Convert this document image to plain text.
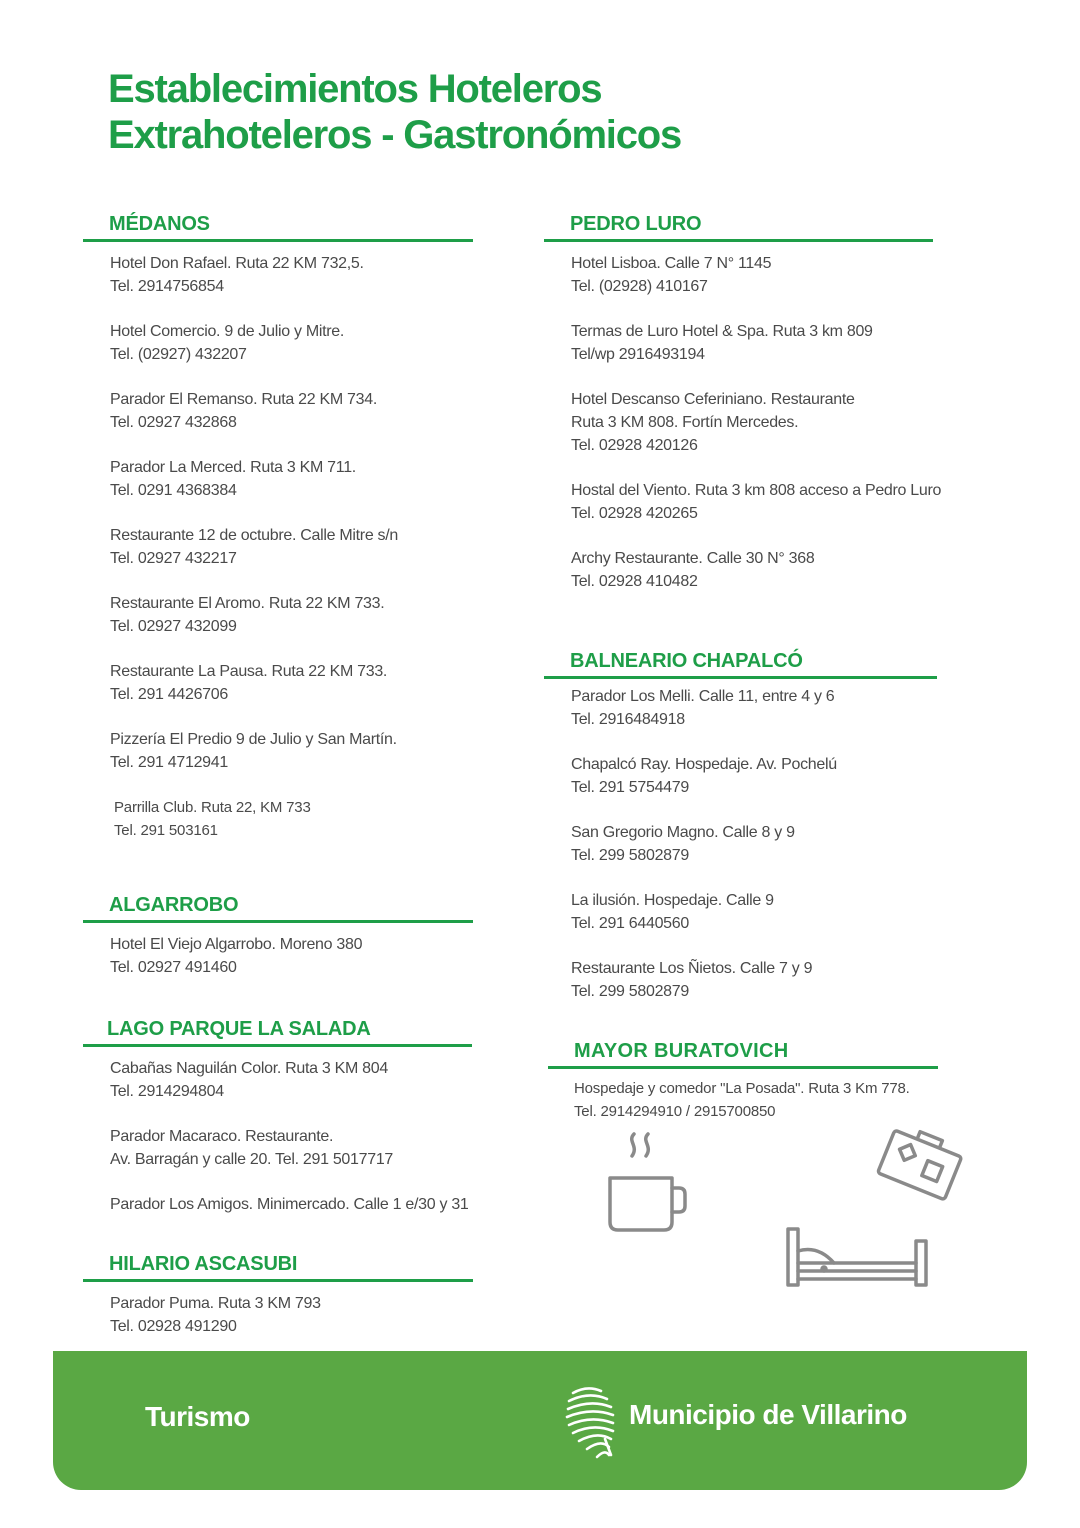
Establecimientos Hoteleros
Extrahoteleros - Gastronómicos
MÉDANOS
Hotel Don Rafael. Ruta 22 KM 732,5.
Tel. 2914756854
Hotel Comercio. 9 de Julio y Mitre.
Tel. (02927) 432207
Parador El Remanso. Ruta 22 KM 734.
Tel. 02927 432868
Parador La Merced. Ruta 3 KM 711.
Tel. 0291 4368384
Restaurante 12 de octubre. Calle Mitre s/n
Tel. 02927 432217
Restaurante El Aromo. Ruta 22 KM 733.
Tel. 02927 432099
Restaurante La Pausa. Ruta 22 KM 733.
Tel. 291 4426706
Pizzería El Predio 9 de Julio y San Martín.
Tel. 291 4712941
Parrilla Club. Ruta 22, KM 733
Tel. 291 503161
ALGARROBO
Hotel El Viejo Algarrobo. Moreno 380
Tel. 02927 491460
LAGO PARQUE LA SALADA
Cabañas Naguilán Color. Ruta 3 KM 804
Tel. 2914294804
Parador Macaraco. Restaurante.
Av. Barragán y calle 20. Tel. 291 5017717
Parador Los Amigos. Minimercado. Calle 1 e/30 y 31
HILARIO ASCASUBI
Parador Puma. Ruta 3 KM 793
Tel. 02928 491290
PEDRO LURO
Hotel Lisboa. Calle 7 N° 1145
Tel. (02928) 410167
Termas de Luro Hotel & Spa. Ruta 3 km 809
Tel/wp 2916493194
Hotel Descanso Ceferiniano. Restaurante
Ruta 3 KM 808. Fortín Mercedes.
Tel. 02928 420126
Hostal del Viento. Ruta 3 km 808 acceso a Pedro Luro
Tel. 02928 420265
Archy Restaurante. Calle 30 N° 368
Tel. 02928 410482
BALNEARIO CHAPALCÓ
Parador Los Melli. Calle 11, entre 4 y 6
Tel. 2916484918
Chapalcó Ray. Hospedaje. Av. Pochelú
Tel. 291 5754479
San Gregorio Magno. Calle 8 y 9
Tel. 299 5802879
La ilusión. Hospedaje. Calle 9
Tel. 291 6440560
Restaurante Los Ñietos. Calle 7 y 9
Tel. 299 5802879
MAYOR BURATOVICH
Hospedaje y comedor "La Posada". Ruta 3 Km 778.
Tel. 2914294910 / 2915700850
Turismo	Municipio de Villarino
